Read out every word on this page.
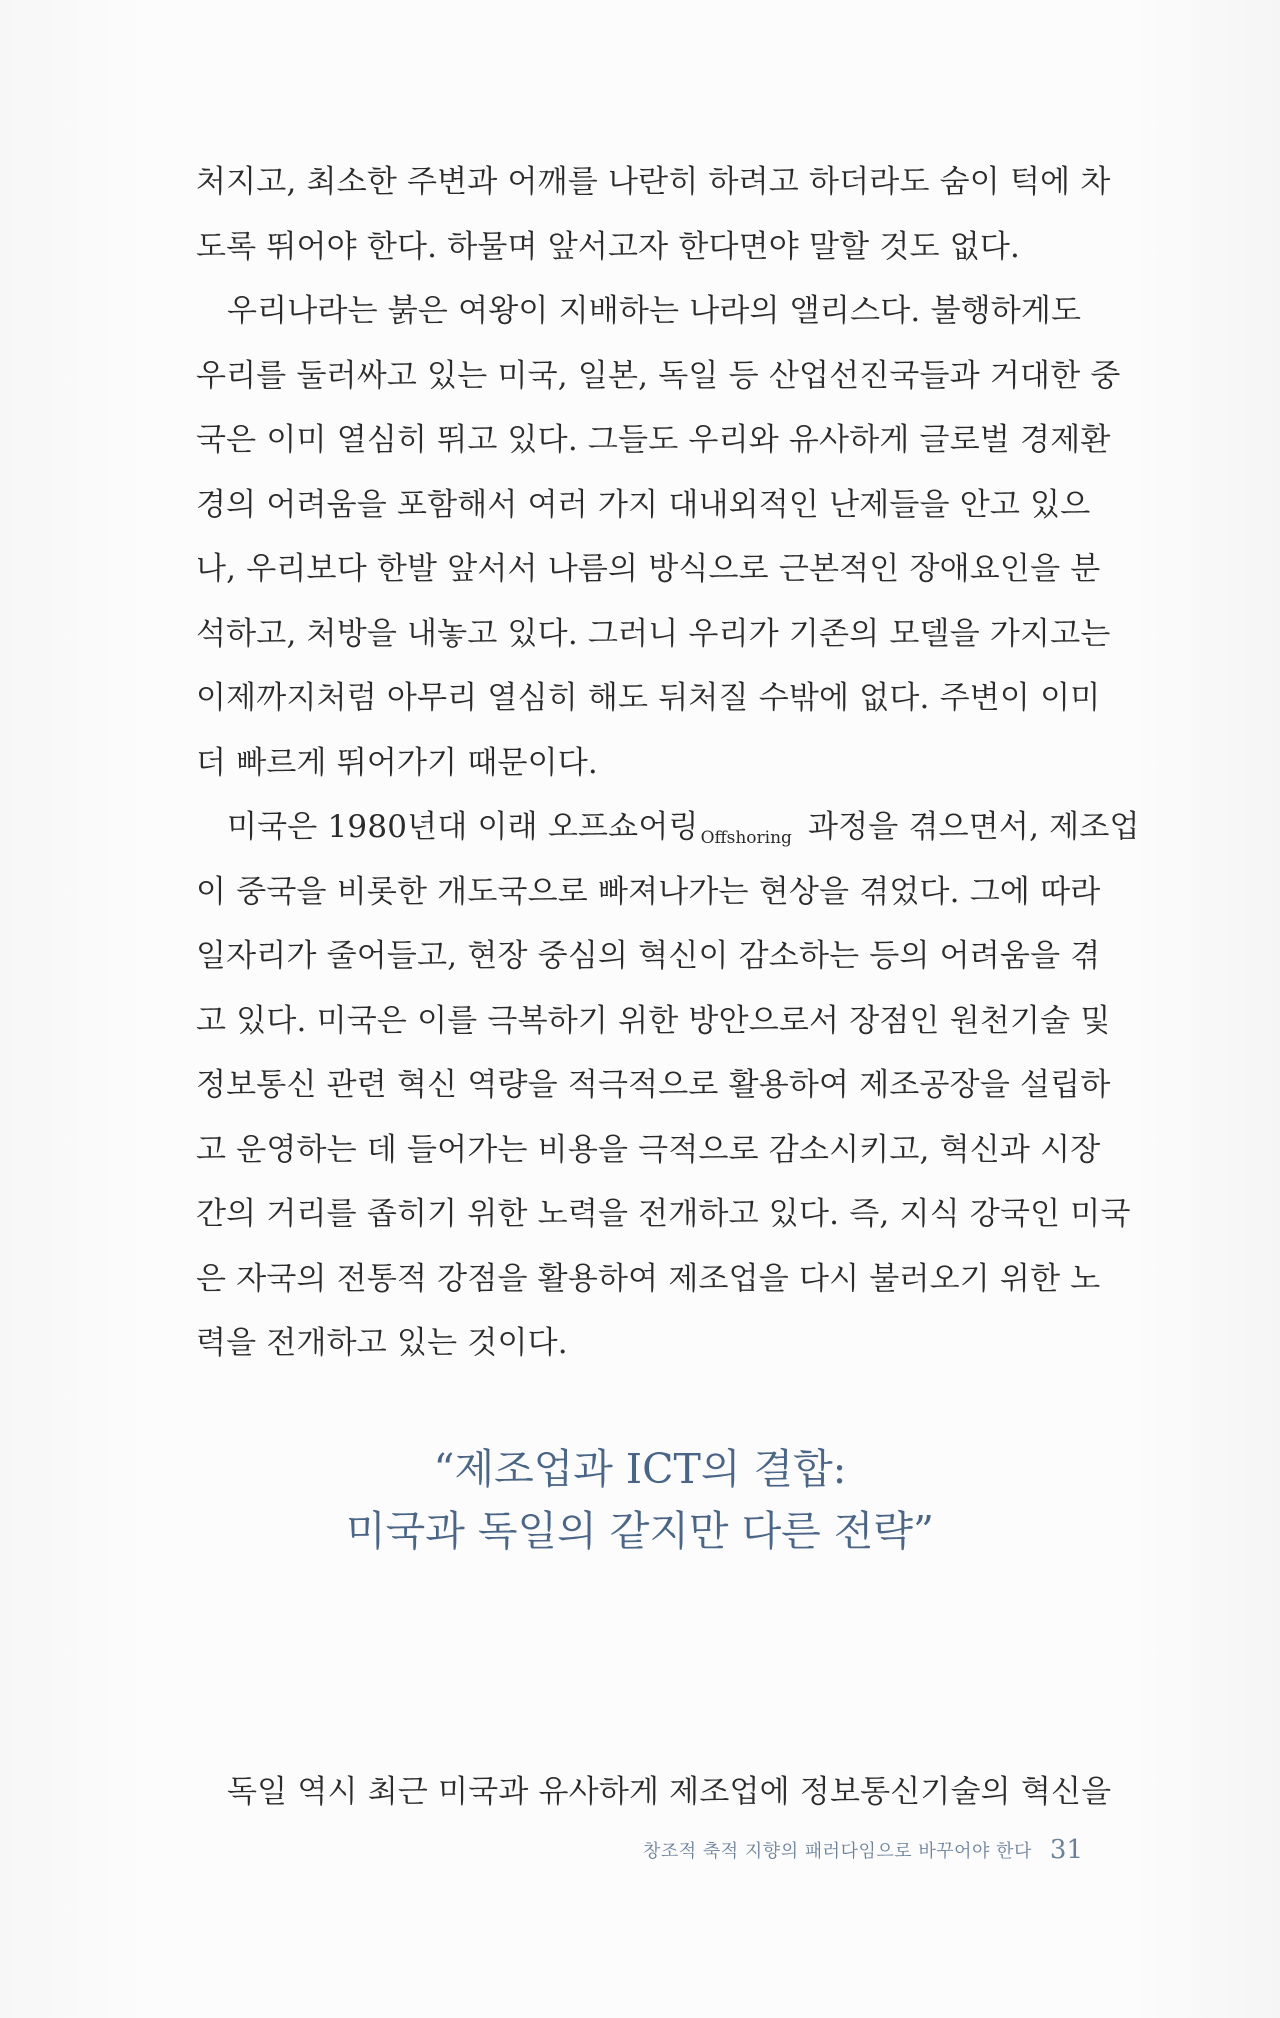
처지고, 최소한 주변과 어깨를 나란히 하려고 하더라도 숨이 턱에 차
도록 뛰어야 한다. 하물며 앞서고자 한다면야 말할 것도 없다.
우리나라는 붉은 여왕이 지배하는 나라의 앨리스다. 불행하게도
우리를 둘러싸고 있는 미국, 일본, 독일 등 산업선진국들과 거대한 중
국은 이미 열심히 뛰고 있다. 그들도 우리와 유사하게 글로벌 경제환
경의 어려움을 포함해서 여러 가지 대내외적인 난제들을 안고 있으
나, 우리보다 한발 앞서서 나름의 방식으로 근본적인 장애요인을 분
석하고, 처방을 내놓고 있다. 그러니 우리가 기존의 모델을 가지고는
이제까지처럼 아무리 열심히 해도 뒤처질 수밖에 없다. 주변이 이미
더 빠르게 뛰어가기 때문이다.
미국은 1980년대 이래 오프쇼어링 $_{Offshoring}$ 과정을 겪으면서, 제조업
이 중국을 비롯한 개도국으로 빠져나가는 현상을 겪었다. 그에 따라
일자리가 줄어들고, 현장 중심의 혁신이 감소하는 등의 어려움을 겪
고 있다. 미국은 이를 극복하기 위한 방안으로서 장점인 원천기술 및
정보통신 관련 혁신 역량을 적극적으로 활용하여 제조공장을 설립하
고 운영하는 데 들어가는 비용을 극적으로 감소시키고, 혁신과 시장
간의 거리를 좁히기 위한 노력을 전개하고 있다. 즉, 지식 강국인 미국
은 자국의 전통적 강점을 활용하여 제조업을 다시 불러오기 위한 노
력을 전개하고 있는 것이다.
“제조업과 ICT의 결합:
미국과 독일의 같지만 다른 전략”
독일 역시 최근 미국과 유사하게 제조업에 정보통신기술의 혁신을
창조적 축적 지향의 패러다임으로 바꾸어야 한다 31
